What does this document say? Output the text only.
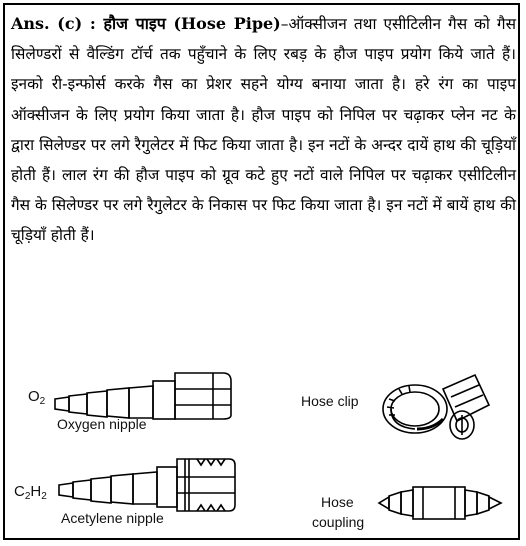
Ans. (c) : हौज पाइप (Hose Pipe)–ऑक्सीजन तथा एसीटिलीन गैस को गैस सिलेण्डरों से वैल्डिंग टॉर्च तक पहुँचाने के लिए रबड़ के हौज पाइप प्रयोग किये जाते हैं। इनको री-इन्फोर्स करके गैस का प्रेशर सहने योग्य बनाया जाता है। हरे रंग का पाइप ऑक्सीजन के लिए प्रयोग किया जाता है। हौज पाइप को निपिल पर चढ़ाकर प्लेन नट के द्वारा सिलेण्डर पर लगे रैगुलेटर में फिट किया जाता है। इन नटों के अन्दर दायें हाथ की चूड़ियाँ होती हैं। लाल रंग की हौज पाइप को ग्रूव कटे हुए नटों वाले निपिल पर चढ़ाकर एसीटिलीन गैस के सिलेण्डर पर लगे रैगुलेटर के निकास पर फिट किया जाता है। इन नटों में बायें हाथ की चूड़ियाँ होती हैं।
$O_2$
Oxygen nipple
$C_2H_2$
Acetylene nipple
Hose clip
Hose
coupling
